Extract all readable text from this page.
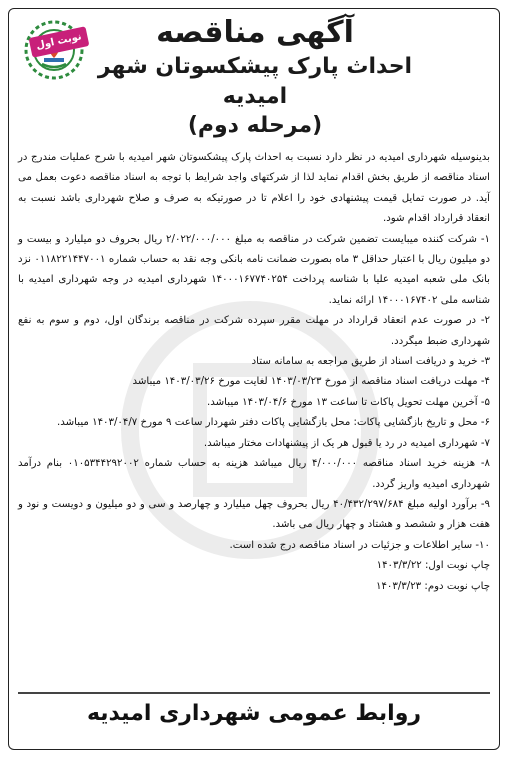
نوبت اول	آگهی مناقصه
احداث پارک پیشکسوتان شهر امیدیه
(مرحله دوم)

بدینوسیله شهرداری امیدیه در نظر دارد نسبت به احداث پارک پیشکسوتان شهر امیدیه با شرح عملیات مندرج در اسناد مناقصه از طریق بخش اقدام نماید لذا از شرکتهای واجد شرایط با توجه به اسناد مناقصه دعوت بعمل می آید. در صورت تمایل قیمت پیشنهادی خود را اعلام تا در صورتیکه به صرف و صلاح شهرداری باشد نسبت به انعقاد قرارداد اقدام شود.

۱- شرکت کننده میبایست تضمین شرکت در مناقصه به مبلغ ۲/۰۲۲/۰۰۰/۰۰۰ ریال بحروف دو میلیارد و بیست و دو میلیون ریال با اعتبار حداقل ۳ ماه بصورت ضمانت نامه بانکی وجه نقد به حساب شماره ۰۱۱۸۲۲۱۴۴۷۰۰۱ نزد بانک ملی شعبه امیدیه علیا با شناسه پرداخت ۱۴۰۰۰۱۶۷۷۴۰۲۵۴ شهرداری امیدیه در وجه شهرداری امیدیه با شناسه ملی ۱۴۰۰۰۱۶۷۴۰۲ ارائه نماید.

۲- در صورت عدم انعقاد قرارداد در مهلت مقرر سپرده شرکت در مناقصه برندگان اول، دوم و سوم به نفع شهرداری ضبط میگردد.

۳- خرید و دریافت اسناد از طریق مراجعه به سامانه ستاد

۴- مهلت دریافت اسناد مناقصه از مورخ ۱۴۰۳/۰۳/۲۳ لغایت مورخ ۱۴۰۳/۰۳/۲۶ میباشد

۵- آخرین مهلت تحویل پاکات تا ساعت ۱۳ مورخ ۱۴۰۳/۰۴/۶ میباشد.

۶- محل و تاریخ بازگشایی پاکات: محل بازگشایی پاکات دفتر شهردار ساعت ۹ مورخ ۱۴۰۳/۰۴/۷ میباشد.

۷- شهرداری امیدیه در رد یا قبول هر یک از پیشنهادات مختار میباشد.

۸- هزینه خرید اسناد مناقصه ۴/۰۰۰/۰۰۰ ریال میباشد هزینه به حساب شماره ۰۱۰۵۳۴۴۲۹۲۰۰۲ بنام درآمد شهرداری امیدیه واریز گردد.

۹- برآورد اولیه مبلغ ۴۰/۴۳۲/۲۹۷/۶۸۴ ریال بحروف چهل میلیارد و چهارصد و سی و دو میلیون و دویست و نود و هفت هزار و ششصد و هشتاد و چهار ریال می باشد.

۱۰- سایر اطلاعات و جزئیات در اسناد مناقصه درج شده است.

چاپ نوبت اول: ۱۴۰۳/۳/۲۲

چاپ نوبت دوم: ۱۴۰۳/۳/۲۳

روابط عمومی شهرداری امیدیه
